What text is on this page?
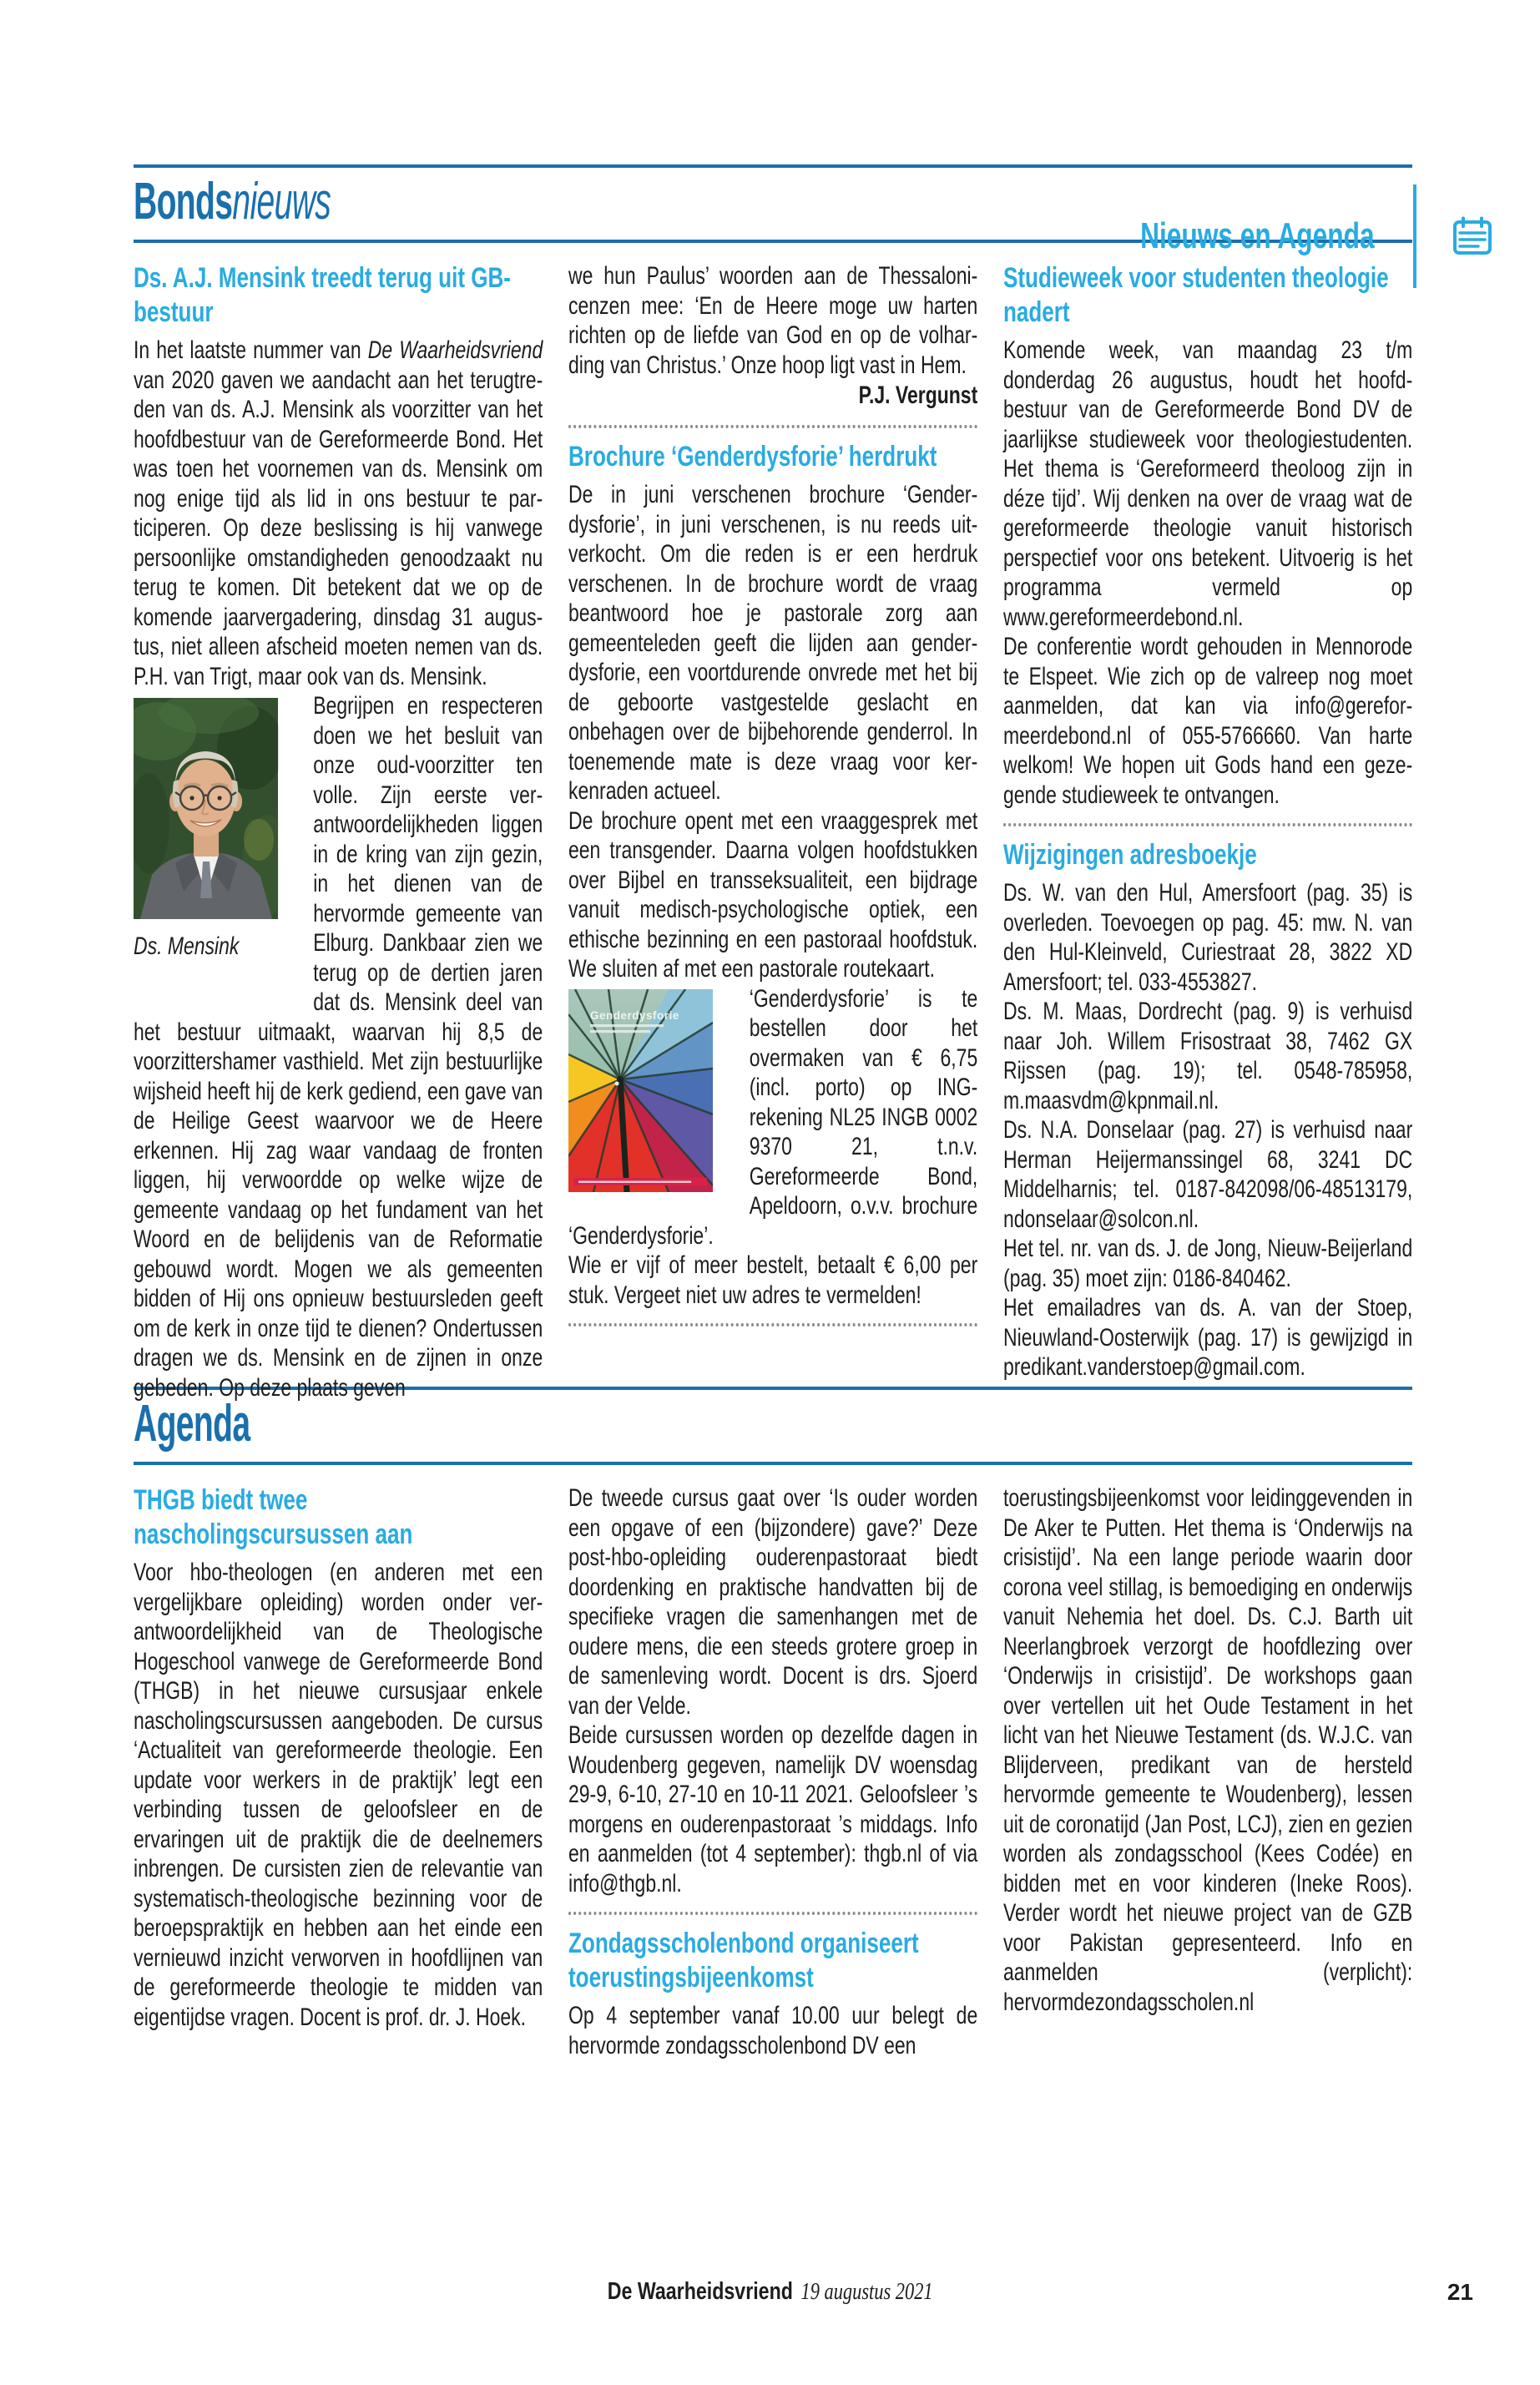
Nieuws en Agenda
Bondsnieuws
Ds. A.J. Mensink treedt terug uit GB-bestuur

In het laatste nummer van De Waarheidsvriend van 2020 gaven we aandacht aan het terugtreden van ds. A.J. Mensink als voorzitter van het hoofdbestuur van de Gereformeerde Bond. Het was toen het voornemen van ds. Mensink om nog enige tijd als lid in ons bestuur te participeren. Op deze beslissing is hij vanwege persoonlijke omstandigheden genoodzaakt nu terug te komen. Dit betekent dat we op de komende jaarvergadering, dinsdag 31 augustus, niet alleen afscheid moeten nemen van ds. P.H. van Trigt, maar ook van ds. Mensink.

Ds. Mensink
Begrijpen en respecteren doen we het besluit van onze oud-voorzitter ten volle. Zijn eerste verantwoordelijkheden liggen in de kring van zijn gezin, in het dienen van de hervormde gemeente van Elburg. Dankbaar zien we terug op de dertien jaren dat ds. Mensink deel van het bestuur uitmaakt, waarvan hij 8,5 de voorzittershamer vasthield. Met zijn bestuurlijke wijsheid heeft hij de kerk gediend, een gave van de Heilige Geest waarvoor we de Heere erkennen. Hij zag waar vandaag de fronten liggen, hij verwoordde op welke wijze de gemeente vandaag op het fundament van het Woord en de belijdenis van de Reformatie gebouwd wordt. Mogen we als gemeenten bidden of Hij ons opnieuw bestuursleden geeft om de kerk in onze tijd te dienen? Ondertussen dragen we ds. Mensink en de zijnen in onze gebeden. Op deze plaats geven

we hun Paulus’ woorden aan de Thessalonicenzen mee: ‘En de Heere moge uw harten richten op de liefde van God en op de volharding van Christus.’ Onze hoop ligt vast in Hem.

P.J. Vergunst

Brochure ‘Genderdysforie’ herdrukt

De in juni verschenen brochure ‘Genderdysforie’, in juni verschenen, is nu reeds uitverkocht. Om die reden is er een herdruk verschenen. In de brochure wordt de vraag beantwoord hoe je pastorale zorg aan gemeenteleden geeft die lijden aan genderdysforie, een voortdurende onvrede met het bij de geboorte vastgestelde geslacht en onbehagen over de bijbehorende genderrol. In toenemende mate is deze vraag voor kerkenraden actueel.

De brochure opent met een vraaggesprek met een transgender. Daarna volgen hoofdstukken over Bijbel en transseksualiteit, een bijdrage vanuit medisch-psychologische optiek, een ethische bezinning en een pastoraal hoofdstuk. We sluiten af met een pastorale routekaart.

Genderdysforie
‘Genderdysforie’ is te bestellen door het overmaken van € 6,75 (incl. porto) op ING-rekening NL25 INGB 0002 9370 21, t.n.v. Gereformeerde Bond, Apeldoorn, o.v.v. brochure ‘Genderdysforie’.

Wie er vijf of meer bestelt, betaalt € 6,00 per stuk. Vergeet niet uw adres te vermelden!

Studieweek voor studenten theologie nadert

Komende week, van maandag 23 t/m donderdag 26 augustus, houdt het hoofdbestuur van de Gereformeerde Bond DV de jaarlijkse studieweek voor theologiestudenten. Het thema is ‘Gereformeerd theoloog zijn in déze tijd’. Wij denken na over de vraag wat de gereformeerde theologie vanuit historisch perspectief voor ons betekent. Uitvoerig is het programma vermeld op www.gereformeerdebond.nl.

De conferentie wordt gehouden in Mennorode te Elspeet. Wie zich op de valreep nog moet aanmelden, dat kan via info@gereformeerdebond.nl of 055-5766660. Van harte welkom! We hopen uit Gods hand een gezegende studieweek te ontvangen.

Wijzigingen adresboekje

Ds. W. van den Hul, Amersfoort (pag. 35) is overleden. Toevoegen op pag. 45: mw. N. van den Hul-Kleinveld, Curiestraat 28, 3822 XD Amersfoort; tel. 033-4553827.

Ds. M. Maas, Dordrecht (pag. 9) is verhuisd naar Joh. Willem Frisostraat 38, 7462 GX Rijssen (pag. 19); tel. 0548-785958, m.maasvdm@kpnmail.nl.

Ds. N.A. Donselaar (pag. 27) is verhuisd naar Herman Heijermanssingel 68, 3241 DC Middelharnis; tel. 0187-842098/06-48513179, ndonselaar@solcon.nl.

Het tel. nr. van ds. J. de Jong, Nieuw-Beijerland (pag. 35) moet zijn: 0186-840462.

Het emailadres van ds. A. van der Stoep, Nieuwland-Oosterwijk (pag. 17) is gewijzigd in predikant.vanderstoep@gmail.com.

Agenda
THGB biedt twee nascholingscursussen aan

Voor hbo-theologen (en anderen met een vergelijkbare opleiding) worden onder verantwoordelijkheid van de Theologische Hogeschool vanwege de Gereformeerde Bond (THGB) in het nieuwe cursusjaar enkele nascholingscursussen aangeboden. De cursus ‘Actualiteit van gereformeerde theologie. Een update voor werkers in de praktijk’ legt een verbinding tussen de geloofsleer en de ervaringen uit de praktijk die de deelnemers inbrengen. De cursisten zien de relevantie van systematisch-theologische bezinning voor de beroepspraktijk en hebben aan het einde een vernieuwd inzicht verworven in hoofdlijnen van de gereformeerde theologie te midden van eigentijdse vragen. Docent is prof. dr. J. Hoek.

De tweede cursus gaat over ‘Is ouder worden een opgave of een (bijzondere) gave?’ Deze post-hbo-opleiding ouderenpastoraat biedt doordenking en praktische handvatten bij de specifieke vragen die samenhangen met de oudere mens, die een steeds grotere groep in de samenleving wordt. Docent is drs. Sjoerd van der Velde.

Beide cursussen worden op dezelfde dagen in Woudenberg gegeven, namelijk DV woensdag 29-9, 6-10, 27-10 en 10-11 2021. Geloofsleer ’s morgens en ouderenpastoraat ’s middags. Info en aanmelden (tot 4 september): thgb.nl of via info@thgb.nl.

Zondagsscholenbond organiseert toerustingsbijeenkomst

Op 4 september vanaf 10.00 uur belegt de hervormde zondagsscholenbond DV een

toerustingsbijeenkomst voor leidinggevenden in De Aker te Putten. Het thema is ‘Onderwijs na crisistijd’. Na een lange periode waarin door corona veel stillag, is bemoediging en onderwijs vanuit Nehemia het doel. Ds. C.J. Barth uit Neerlangbroek verzorgt de hoofdlezing over ‘Onderwijs in crisistijd’. De workshops gaan over vertellen uit het Oude Testament in het licht van het Nieuwe Testament (ds. W.J.C. van Blijderveen, predikant van de hersteld hervormde gemeente te Woudenberg), lessen uit de coronatijd (Jan Post, LCJ), zien en gezien worden als zondagsschool (Kees Codée) en bidden met en voor kinderen (Ineke Roos). Verder wordt het nieuwe project van de GZB voor Pakistan gepresenteerd. Info en aanmelden (verplicht): hervormdezondagsscholen.nl

De Waarheidsvriend 19 augustus 2021	21
